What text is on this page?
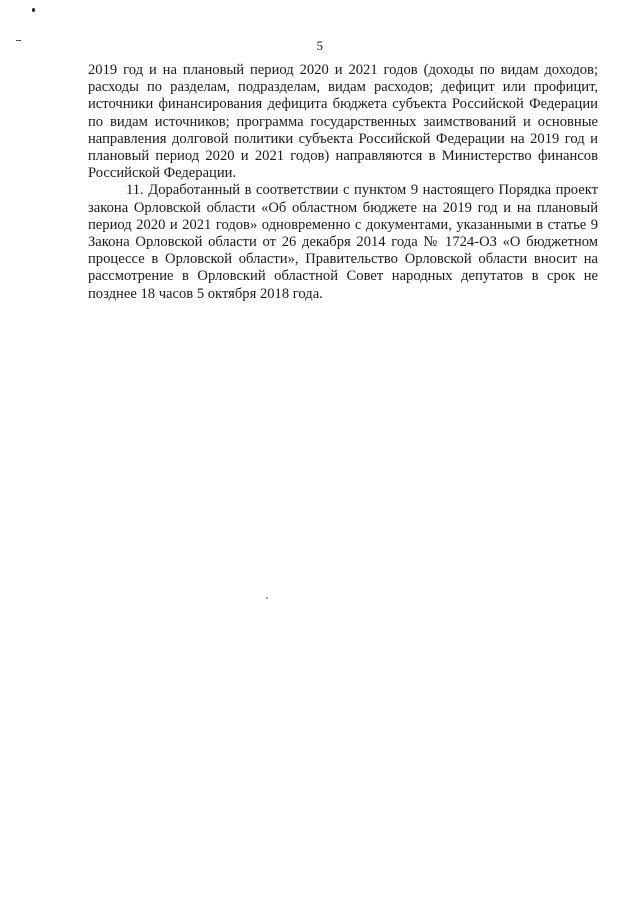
5

2019 год и на плановый период 2020 и 2021 годов (доходы по видам доходов; расходы по разделам, подразделам, видам расходов; дефицит или профицит, источники финансирования дефицита бюджета субъекта Российской Федерации по видам источников; программа государственных заимствований и основные направления долговой политики субъекта Российской Федерации на 2019 год и плановый период 2020 и 2021 годов) направляются в Министерство финансов Российской Федерации.

11. Доработанный в соответствии с пунктом 9 настоящего Порядка проект закона Орловской области «Об областном бюджете на 2019 год и на плановый период 2020 и 2021 годов» одновременно с документами, указанными в статье 9 Закона Орловской области от 26 декабря 2014 года № 1724-ОЗ «О бюджетном процессе в Орловской области», Правительство Орловской области вносит на рассмотрение в Орловский областной Совет народных депутатов в срок не позднее 18 часов 5 октября 2018 года.
